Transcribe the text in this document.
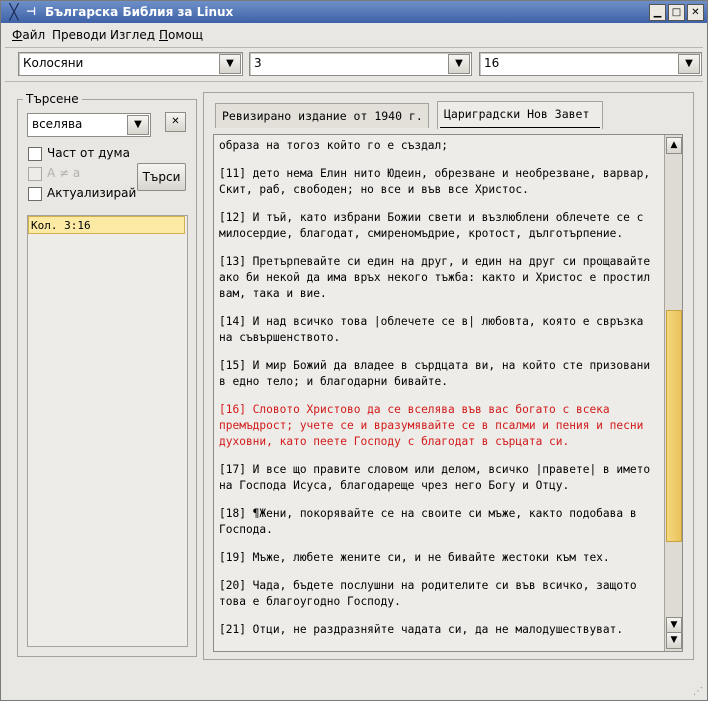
╳ ⊣ Българска Библия за Linux	▁	□	✕
Файл Преводи Изглед Помощ
Колосяни	▼	3	▼	16	▼
Търсене
вселява	▼	✕
Част от дума
А ≠ а
Актуализирай
Търси
Кол. 3:16
Ревизирано издание от 1940 г.	Цариградски Нов Завет
образа на тогоз който го е създал;
[11] дето нема Елин нито Юдеин, обрезване и необрезване, варвар, Скит, раб, свободен; но все и във все Христос.
[12] И тъй, като избрани Божии свети и възлюблени облечете се с милосердие, благодат, смиреномъдрие, кротост, дълготърпение.
[13] Претърпевайте си един на друг, и един на друг си прощавайте ако би некой да има връх некого тъжба: както и Христос е простил вам, така и вие.
[14] И над всичко това |облечете се в| любовта, която е свръзка на съвършенството.
[15] И мир Божий да владее в сърдцата ви, на който сте призовани в едно тело; и благодарни бивайте.
[16] Словото Христово да се вселява във вас богато с всека премъдрост; учете се и вразумявайте се в псалми и пения и песни духовни, като пеете Господу с благодат в сърцата си.
[17] И все що правите словом или делом, всичко |правете| в името на Господа Исуса, благодареще чрез него Богу и Отцу.
[18] ¶Жени, покорявайте се на своите си мъже, както подобава в Господа.
[19] Мъже, любете жените си, и не бивайте жестоки към тех.
[20] Чада, бъдете послушни на родителите си във всичко, защото това е благоугодно Господу.
[21] Отци, не раздразняйте чадата си, да не малодушествуват.
▲
▼
▼
⋰
